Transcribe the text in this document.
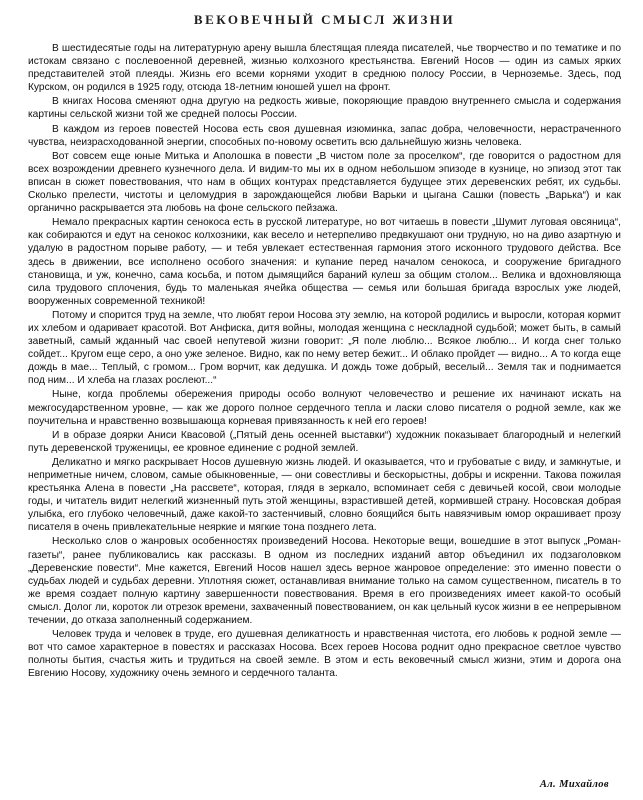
ВЕКОВЕЧНЫЙ СМЫСЛ ЖИЗНИ

В шестидесятые годы на литературную арену вышла блестящая плеяда писателей, чье творчество и по тематике и по истокам связано с послевоенной деревней, жизнью колхозного крестьянства. Евгений Носов — один из самых ярких представителей этой плеяды. Жизнь его всеми корнями уходит в среднюю полосу России, в Черноземье. Здесь, под Курском, он родился в 1925 году, отсюда 18-летним юношей ушел на фронт.

В книгах Носова сменяют одна другую на редкость живые, покоряющие правдою внутреннего смысла и содержания картины сельской жизни той же средней полосы России.

В каждом из героев повестей Носова есть своя душевная изюминка, запас добра, человечности, нерастраченного чувства, неизрасходованной энергии, способных по-новому осветить всю дальнейшую жизнь человека.

Вот совсем еще юные Митька и Аполошка в повести „В чистом поле за проселком“, где говорится о радостном для всех возрождении древнего кузнечного дела. И видим-то мы их в одном небольшом эпизоде в кузнице, но эпизод этот так вписан в сюжет повествования, что нам в общих контурах представляется будущее этих деревенских ребят, их судьбы. Сколько прелести, чистоты и целомудрия в зарождающейся любви Варьки и цыгана Сашки (повесть „Варька“) и как органично раскрывается эта любовь на фоне сельского пейзажа.

Немало прекрасных картин сенокоса есть в русской литературе, но вот читаешь в повести „Шумит луговая овсяница“, как собираются и едут на сенокос колхозники, как весело и нетерпеливо предвкушают они трудную, но на диво азартную и удалую в радостном порыве работу, — и тебя увлекает естественная гармония этого исконного трудового действа. Все здесь в движении, все исполнено особого значения: и купание перед началом сенокоса, и сооружение бригадного становища, и уж, конечно, сама косьба, и потом дымящийся бараний кулеш за общим столом... Велика и вдохновляюща сила трудового сплочения, будь то маленькая ячейка общества — семья или большая бригада взрослых уже людей, вооруженных современной техникой!

Потому и спорится труд на земле, что любят герои Носова эту землю, на которой родились и выросли, которая кормит их хлебом и одаривает красотой. Вот Анфиска, дитя войны, молодая женщина с нескладной судьбой; может быть, в самый заветный, самый жданный час своей непутевой жизни говорит: „Я поле люблю... Всякое люблю... И когда снег только сойдет... Кругом еще серо, а оно уже зеленое. Видно, как по нему ветер бежит... И облако пройдет — видно... А то когда еще дождь в мае... Теплый, с громом... Гром ворчит, как дедушка. И дождь тоже добрый, веселый... Земля так и поднимается под ним... И хлеба на глазах рослеют...“

Ныне, когда проблемы обережения природы особо волнуют человечество и решение их начинают искать на межгосударственном уровне, — как же дорого полное сердечного тепла и ласки слово писателя о родной земле, как же поучительна и нравственно возвышающа корневая привязанность к ней его героев!

И в образе доярки Аниси Квасовой („Пятый день осенней выставки“) художник показывает благородный и нелегкий путь деревенской труженицы, ее кровное единение с родной землей.

Деликатно и мягко раскрывает Носов душевную жизнь людей. И оказывается, что и грубоватые с виду, и замкнутые, и неприметные ничем, словом, самые обыкновенные, — они совестливы и бескорыстны, добры и искренни. Такова пожилая крестьянка Алена в повести „На рассвете“, которая, глядя в зеркало, вспоминает себя с девичьей косой, свои молодые годы, и читатель видит нелегкий жизненный путь этой женщины, взрастившей детей, кормившей страну. Носовская добрая улыбка, его глубоко человечный, даже какой-то застенчивый, словно боящийся быть навязчивым юмор окрашивает прозу писателя в очень привлекательные неяркие и мягкие тона позднего лета.

Несколько слов о жанровых особенностях произведений Носова. Некоторые вещи, вошедшие в этот выпуск „Роман-газеты“, ранее публиковались как рассказы. В одном из последних изданий автор объединил их подзаголовком „Деревенские повести“. Мне кажется, Евгений Носов нашел здесь верное жанровое определение: это именно повести о судьбах людей и судьбах деревни. Уплотняя сюжет, останавливая внимание только на самом существенном, писатель в то же время создает полную картину завершенности повествования. Время в его произведениях имеет какой-то особый смысл. Долог ли, короток ли отрезок времени, захваченный повествованием, он как цельный кусок жизни в ее непрерывном течении, до отказа заполненный содержанием.

Человек труда и человек в труде, его душевная деликатность и нравственная чистота, его любовь к родной земле — вот что самое характерное в повестях и рассказах Носова. Всех героев Носова роднит одно прекрасное светлое чувство полноты бытия, счастья жить и трудиться на своей земле. В этом и есть вековечный смысл жизни, этим и дорога она Евгению Носову, художнику очень земного и сердечного таланта.

Ал. Михайлов
